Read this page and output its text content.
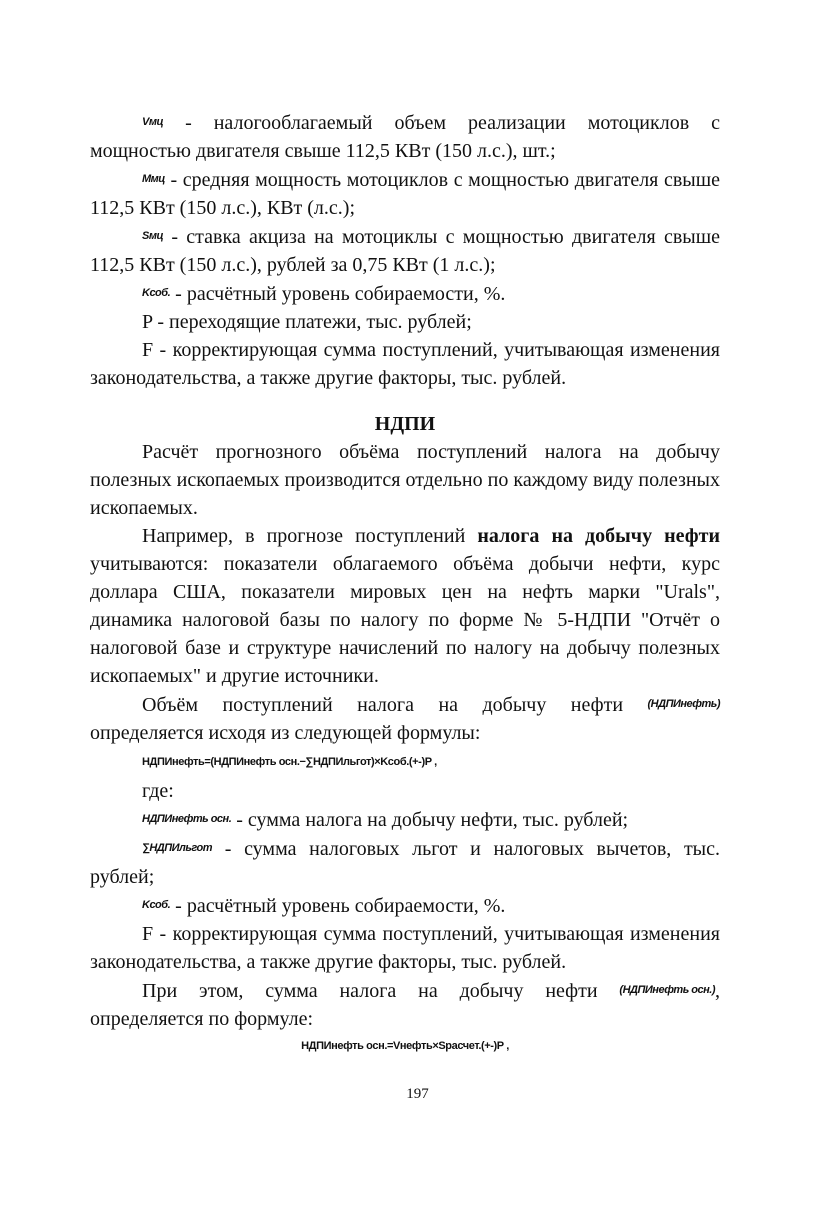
Vмц - налогооблагаемый объем реализации мотоциклов с мощностью двигателя свыше 112,5 КВт (150 л.с.), шт.;

Mмц - средняя мощность мотоциклов с мощностью двигателя свыше 112,5 КВт (150 л.с.), КВт (л.с.);

Sмц - ставка акциза на мотоциклы с мощностью двигателя свыше 112,5 КВт (150 л.с.), рублей за 0,75 КВт (1 л.с.);

Kсоб. - расчётный уровень собираемости, %.

P - переходящие платежи, тыс. рублей;

F - корректирующая сумма поступлений, учитывающая изменения законодательства, а также другие факторы, тыс. рублей.

НДПИ

Расчёт прогнозного объёма поступлений налога на добычу полезных ископаемых производится отдельно по каждому виду полезных ископаемых.

Например, в прогнозе поступлений налога на добычу нефти учитываются: показатели облагаемого объёма добычи нефти, курс доллара США, показатели мировых цен на нефть марки "Urals", динамика налоговой базы по налогу по форме № 5-НДПИ "Отчёт о налоговой базе и структуре начислений по налогу на добычу полезных ископаемых" и другие источники.

Объём поступлений налога на добычу нефти (НДПИнефть) определяется исходя из следующей формулы:

НДПИнефть=(НДПИнефть осн.−∑НДПИльгот)×Kсоб.(+-)P ,

где:

НДПИнефть осн. - сумма налога на добычу нефти, тыс. рублей;

∑НДПИльгот - сумма налоговых льгот и налоговых вычетов, тыс. рублей;

Kсоб. - расчётный уровень собираемости, %.

F - корректирующая сумма поступлений, учитывающая изменения законодательства, а также другие факторы, тыс. рублей.

При этом, сумма налога на добычу нефти (НДПИнефть осн.), определяется по формуле:

НДПИнефть осн.=Vнефть×Sрасчет.(+-)P ,
197
